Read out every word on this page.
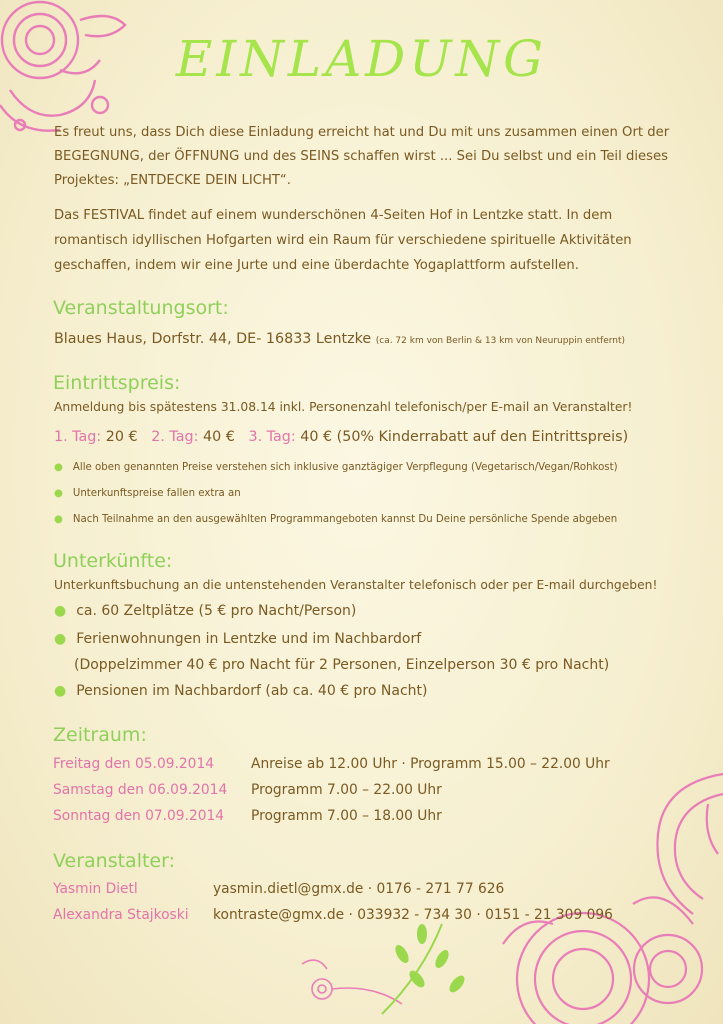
EINLADUNG
Es freut uns, dass Dich diese Einladung erreicht hat und Du mit uns zusammen einen Ort der BEGEGNUNG, der ÖFFNUNG und des SEINS schaffen wirst ... Sei Du selbst und ein Teil dieses Projektes: „ENTDECKE DEIN LICHT“.
Das FESTIVAL findet auf einem wunderschönen 4-Seiten Hof in Lentzke statt. In dem romantisch idyllischen Hofgarten wird ein Raum für verschiedene spirituelle Aktivitäten geschaffen, indem wir eine Jurte und eine überdachte Yogaplattform aufstellen.
Veranstaltungsort:
Blaues Haus, Dorfstr. 44, DE- 16833 Lentzke (ca. 72 km von Berlin & 13 km von Neuruppin entfernt)
Eintrittspreis:
Anmeldung bis spätestens 31.08.14 inkl. Personenzahl telefonisch/per E-mail an Veranstalter!
1. Tag: 20 € 2. Tag: 40 € 3. Tag: 40 € (50% Kinderrabatt auf den Eintrittspreis)
● Alle oben genannten Preise verstehen sich inklusive ganztägiger Verpflegung (Vegetarisch/Vegan/Rohkost)
● Unterkunftspreise fallen extra an
● Nach Teilnahme an den ausgewählten Programmangeboten kannst Du Deine persönliche Spende abgeben
Unterkünfte:
Unterkunftsbuchung an die untenstehenden Veranstalter telefonisch oder per E-mail durchgeben!
● ca. 60 Zeltplätze (5 € pro Nacht/Person)
● Ferienwohnungen in Lentzke und im Nachbardorf
(Doppelzimmer 40 € pro Nacht für 2 Personen, Einzelperson 30 € pro Nacht)
● Pensionen im Nachbardorf (ab ca. 40 € pro Nacht)
Zeitraum:
Freitag den 05.09.2014	Anreise ab 12.00 Uhr · Programm 15.00 – 22.00 Uhr
Samstag den 06.09.2014 Programm 7.00 – 22.00 Uhr
Sonntag den 07.09.2014 Programm 7.00 – 18.00 Uhr
Veranstalter:
Yasmin Dietl	yasmin.dietl@gmx.de · 0176 - 271 77 626
Alexandra Stajkoski kontraste@gmx.de · 033932 - 734 30 · 0151 - 21 309 096
